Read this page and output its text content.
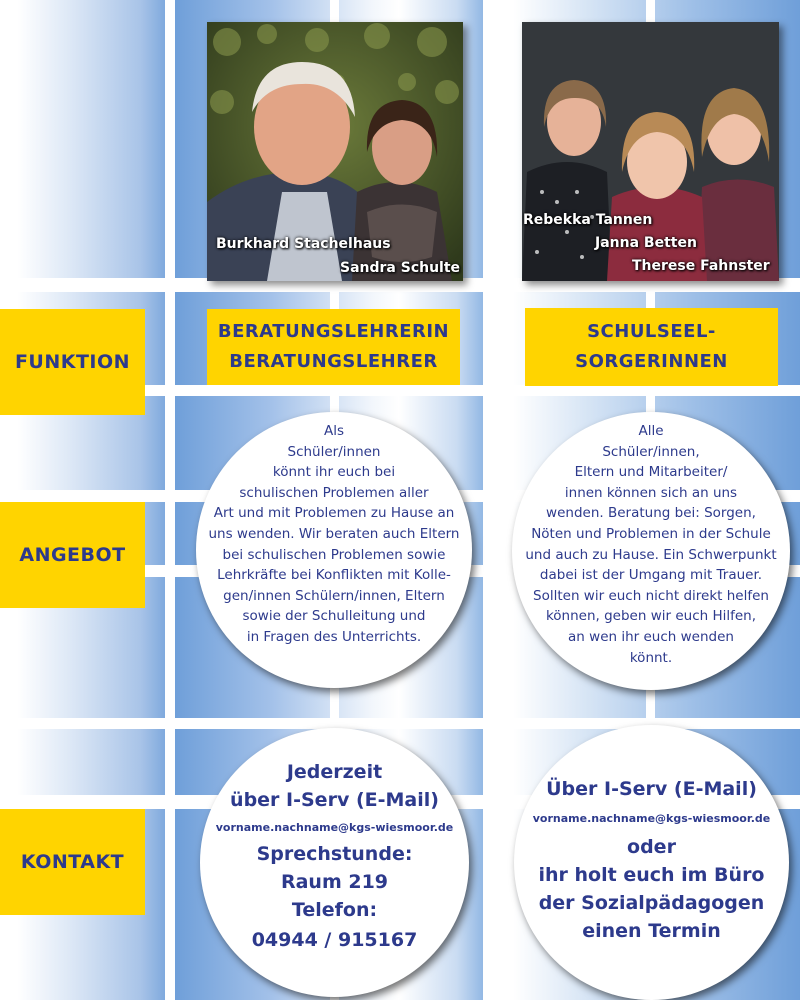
FUNKTION
ANGEBOT
KONTAKT
Burkhard Stachelhaus
Sandra Schulte
Rebekka Tannen
Janna Betten
Therese Fahnster
BERATUNGSLEHRERIN
BERATUNGSLEHRER
SCHULSEEL-
SORGERINNEN
Als
Schüler/innen
könnt ihr euch bei
schulischen Problemen aller
Art und mit Problemen zu Hause an
uns wenden. Wir beraten auch Eltern
bei schulischen Problemen sowie
Lehrkräfte bei Konflikten mit Kolle-
gen/innen Schülern/innen, Eltern
sowie der Schulleitung und
in Fragen des Unterrichts.
Alle
Schüler/innen,
Eltern und Mitarbeiter/
innen können sich an uns
wenden. Beratung bei: Sorgen,
Nöten und Problemen in der Schule
und auch zu Hause. Ein Schwerpunkt
dabei ist der Umgang mit Trauer.
Sollten wir euch nicht direkt helfen
können, geben wir euch Hilfen,
an wen ihr euch wenden
könnt.
Jederzeit
über I-Serv (E-Mail)
vorname.nachname@kgs-wiesmoor.de
Sprechstunde:
Raum 219
Telefon:
04944 / 915167
Über I-Serv (E-Mail)
vorname.nachname@kgs-wiesmoor.de
oder
ihr holt euch im Büro
der Sozialpädagogen
einen Termin
